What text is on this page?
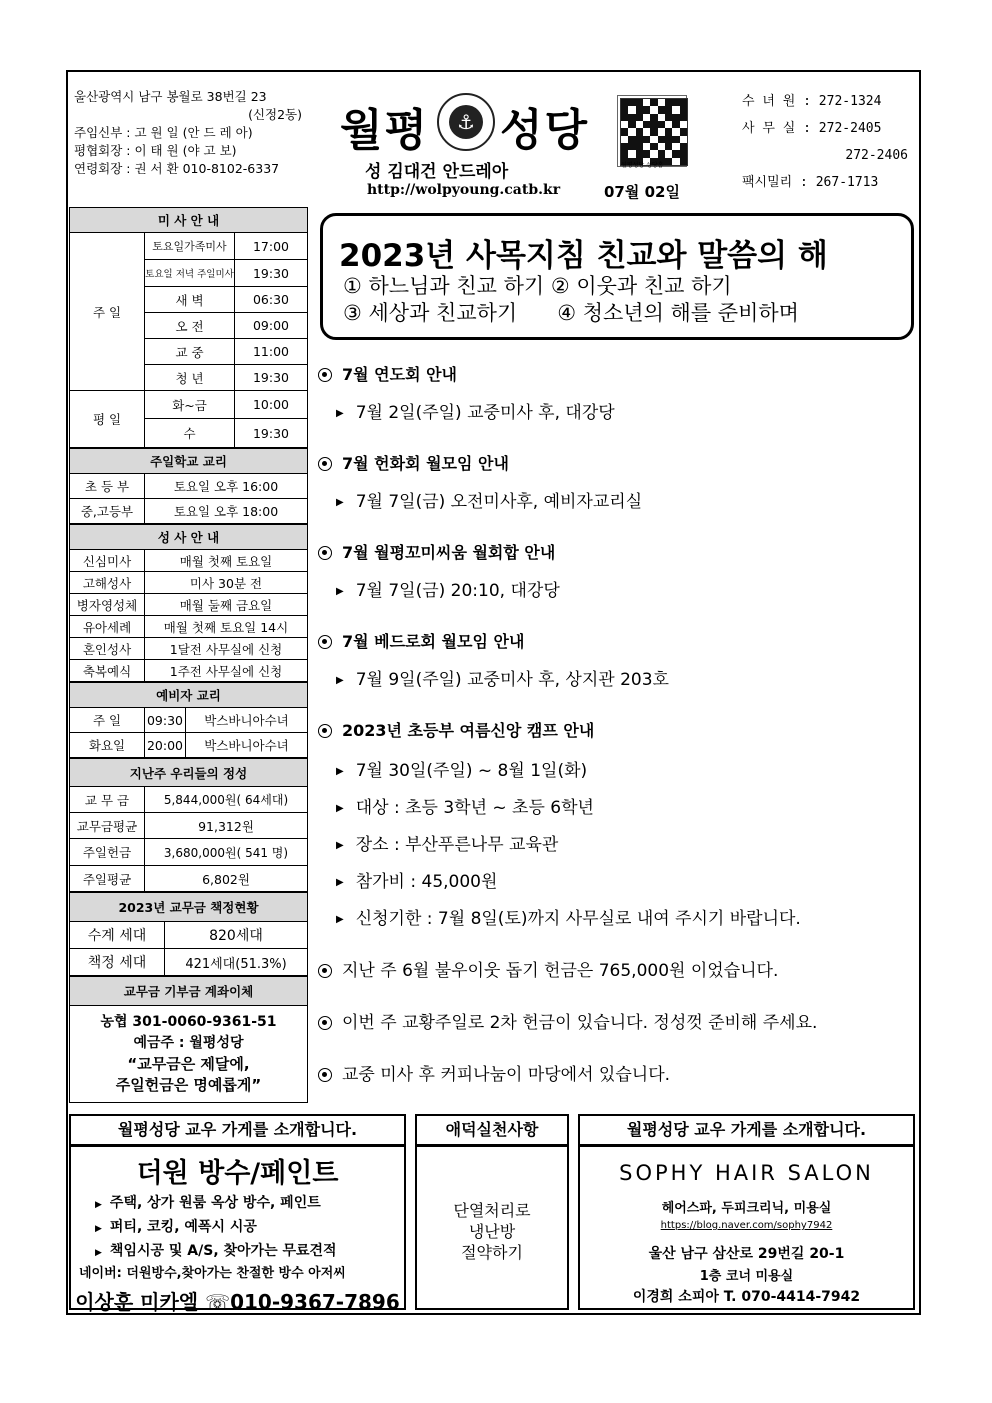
울산광역시 남구 봉월로 38번길 23
(신정2동)
주임신부 : 고 원 일 (안 드 레 아)
평협회장 : 이 태 원 (야 고 보)
연령회장 : 권 서 환 010-8102-6337
월평	⚓ 성당
성 김대건 안드레아
http://wolpyoung.catb.kr
월평성당 성당홈
07월 02일
수 녀 원 : 272-1324
사 무 실 : 272-2405
272-2406
팩시밀리 : 267-1713
미 사 안 내		
주 일	토요일가족미사	17:00
	토요일 저녁 주일미사	19:30
	새 벽	06:30
	오 전	09:00
	교 중	11:00
	청 년	19:30
평 일	화~금	10:00
	수	19:30
주일학교 교리	
초 등 부	토요일 오후 16:00
중,고등부	토요일 오후 18:00
성 사 안 내	
신심미사	매월 첫째 토요일
고해성사	미사 30분 전
병자영성체	매월 둘째 금요일
유아세례	매월 첫째 토요일 14시
혼인성사	1달전 사무실에 신청
축복예식	1주전 사무실에 신청
예비자 교리		
주 일	09:30	박스바니아수녀
화요일	20:00	박스바니아수녀
지난주 우리들의 정성	
교 무 금	5,844,000원( 64세대)
교무금평균	91,312원
주일헌금	3,680,000원( 541 명)
주일평균	6,802원
2023년 교무금 책정현황	
수계 세대	820세대
책정 세대	421세대(51.3%)
교무금 기부금 계좌이체

농협 301-0060-9361-51
예금주 : 월평성당
“교무금은 제달에,
주일헌금은 명예롭게”
2023년 사목지침 친교와 말씀의 해
① 하느님과 친교 하기 ② 이웃과 친교 하기
③ 세상과 친교하기      ④ 청소년의 해를 준비하며
7월 연도회 안내
▶ 7월 2일(주일) 교중미사 후, 대강당
7월 헌화회 월모임 안내
▶ 7월 7일(금) 오전미사후, 예비자교리실
7월 월평꼬미씨움 월회합 안내
▶ 7월 7일(금) 20:10, 대강당
7월 베드로회 월모임 안내
▶ 7월 9일(주일) 교중미사 후, 상지관 203호
2023년 초등부 여름신앙 캠프 안내
▶ 7월 30일(주일) ~ 8월 1일(화)
▶ 대상 : 초등 3학년 ~ 초등 6학년
▶ 장소 : 부산푸른나무 교육관
▶ 참가비 : 45,000원
▶ 신청기한 : 7월 8일(토)까지 사무실로 내여 주시기 바랍니다.
지난 주 6월 불우이웃 돕기 헌금은 765,000원 이었습니다.
이번 주 교황주일로 2차 헌금이 있습니다. 정성껏 준비해 주세요.
교중 미사 후 커피나눔이 마당에서 있습니다.
월평성당 교우 가게를 소개합니다.
더원 방수/페인트
▶ 주택, 상가 원룸 옥상 방수, 페인트
▶ 퍼티, 코킹, 예폭시 시공
▶ 책임시공 및 A/S, 찾아가는 무료견적
네이버: 더원방수,찾아가는 찬절한 방수 아저씨
이상훈 미카엘 ☏010-9367-7896
애덕실천사항
단열처리로
냉난방
절약하기
월평성당 교우 가게를 소개합니다.
SOPHY HAIR SALON
헤어스파, 두피크리닉, 미용실
https://blog.naver.com/sophy7942
울산 남구 삼산로 29번길 20-1
1층 코너 미용실
이경희 소피아 T. 070-4414-7942
